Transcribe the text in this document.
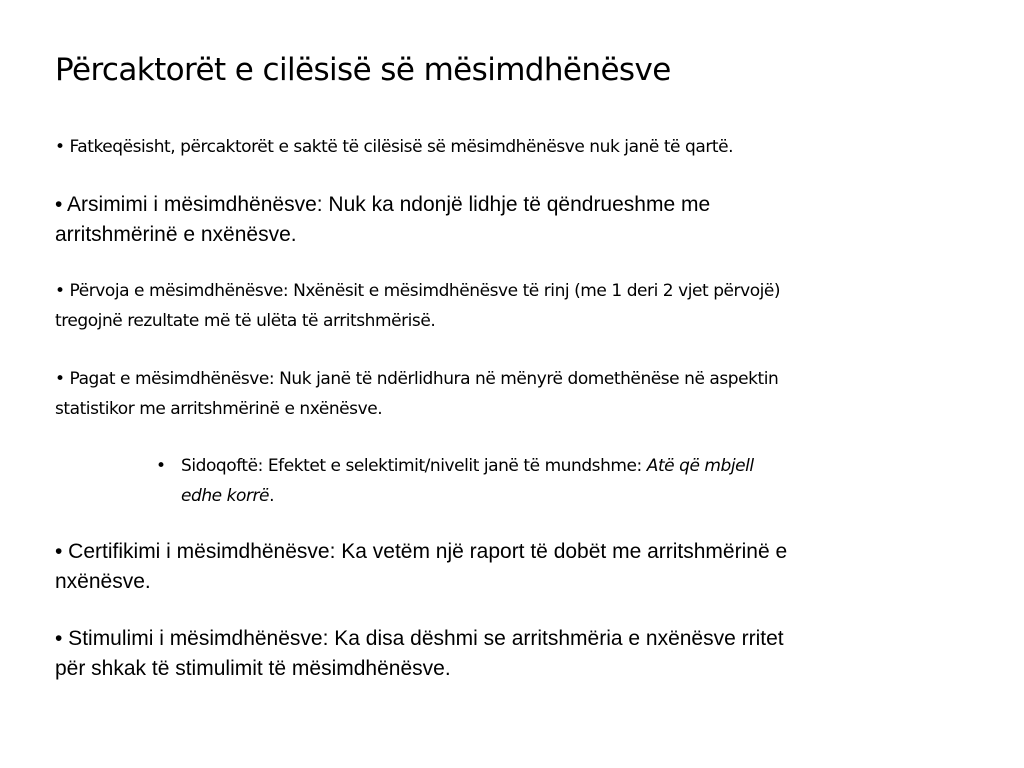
Përcaktorët e cilësisë së mësimdhënësve

• Fatkeqësisht, përcaktorët e saktë të cilësisë së mësimdhënësve nuk janë të qartë.

• Arsimimi i mësimdhënësve: Nuk ka ndonjë lidhje të qëndrueshme me
arritshmërinë e nxënësve.

• Përvoja e mësimdhënësve: Nxënësit e mësimdhënësve të rinj (me 1 deri 2 vjet përvojë)
tregojnë rezultate më të ulëta të arritshmërisë.

• Pagat e mësimdhënësve: Nuk janë të ndërlidhura në mënyrë domethënëse në aspektin
statistikor me arritshmërinë e nxënësve.

• Sidoqoftë: Efektet e selektimit/nivelit janë të mundshme: Atë që mbjell
edhe korrë.

• Certifikimi i mësimdhënësve: Ka vetëm një raport të dobët me arritshmërinë e
nxënësve.

• Stimulimi i mësimdhënësve: Ka disa dëshmi se arritshmëria e nxënësve rritet
për shkak të stimulimit të mësimdhënësve.
